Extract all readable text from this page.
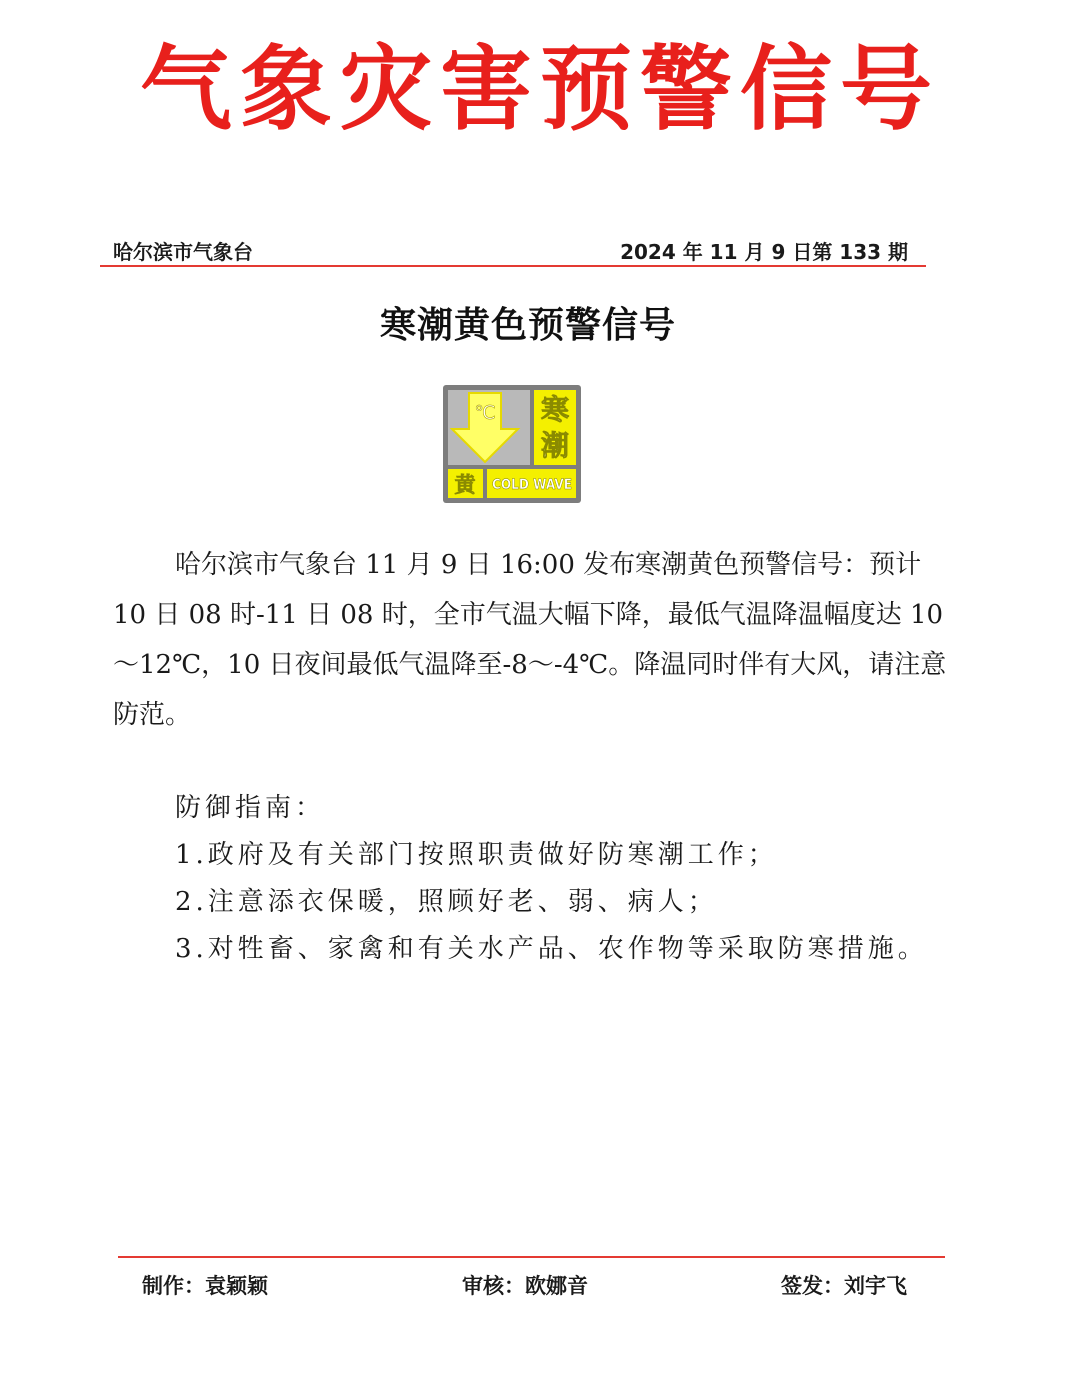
气象灾害预警信号
哈尔滨市气象台	2024 年 11 月 9 日第 133 期
寒潮黄色预警信号
℃ 寒
潮
黄 COLD WAVE

哈尔滨市气象台 11 月 9 日 16:00 发布寒潮黄色预警信号：预计 10 日 08 时-11 日 08 时，全市气温大幅下降，最低气温降温幅度达 10～12℃，10 日夜间最低气温降至-8～-4℃。降温同时伴有大风，请注意防范。

防御指南：
1.政府及有关部门按照职责做好防寒潮工作；
2.注意添衣保暖，照顾好老、弱、病人；
3.对牲畜、家禽和有关水产品、农作物等采取防寒措施。
制作：袁颖颖	审核：欧娜音	签发：刘宇飞
